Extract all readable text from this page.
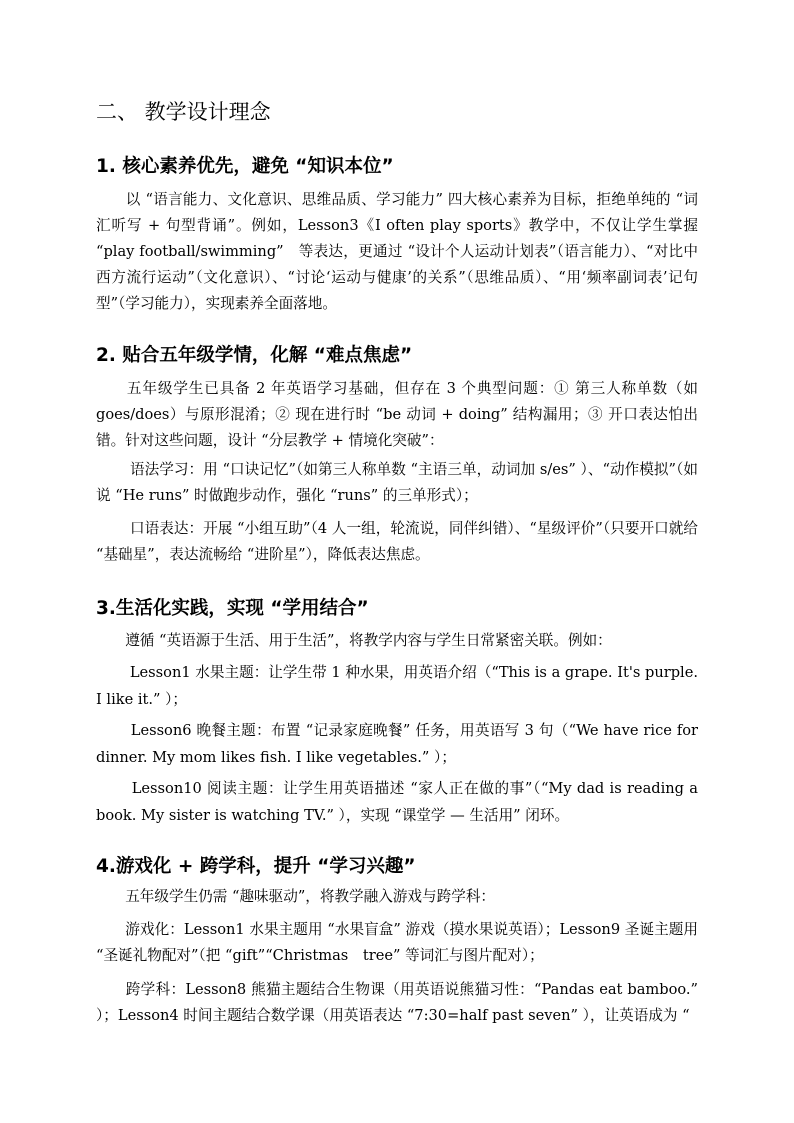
二、 教学设计理念
1. 核心素养优先，避免 “知识本位”
　　以 “语言能力、文化意识、思维品质、学习能力” 四大核心素养为目标，拒绝单纯的 “词汇听写 + 句型背诵”。例如，Lesson3《I often play sports》教学中，不仅让学生掌握 “play football/swimming”　等表达，更通过 “设计个人运动计划表”（语言能力）、“对比中西方流行运动”（文化意识）、“讨论‘运动与健康’的关系”（思维品质）、“用‘频率副词表’记句型”（学习能力），实现素养全面落地。
2. 贴合五年级学情，化解 “难点焦虑”
　　五年级学生已具备 2 年英语学习基础，但存在 3 个典型问题：① 第三人称单数（如 goes/does）与原形混淆；② 现在进行时 “be 动词 + doing” 结构漏用；③ 开口表达怕出错。针对这些问题，设计 “分层教学 + 情境化突破”：
　　 语法学习：用 “口诀记忆”（如第三人称单数 “主语三单，动词加 s/es” ）、“动作模拟”（如说 “He runs” 时做跑步动作，强化 “runs” 的三单形式）；
　　 口语表达：开展 “小组互助”（4 人一组，轮流说，同伴纠错）、“星级评价”（只要开口就给 “基础星”，表达流畅给 “进阶星”），降低表达焦虑。
3.生活化实践，实现 “学用结合”
　　遵循 “英语源于生活、用于生活”，将教学内容与学生日常紧密关联。例如：
　　 Lesson1 水果主题：让学生带 1 种水果，用英语介绍（“This is a grape. It's purple. I like it.” ）；
　　 Lesson6 晚餐主题：布置 “记录家庭晚餐” 任务，用英语写 3 句（“We have rice for dinner. My mom likes fish. I like vegetables.” ）；
　　 Lesson10 阅读主题：让学生用英语描述 “家人正在做的事”（“My dad is reading a book. My sister is watching TV.” ），实现 “课堂学 — 生活用” 闭环。
4.游戏化 + 跨学科，提升 “学习兴趣”
　　五年级学生仍需 “趣味驱动”，将教学融入游戏与跨学科：
　　游戏化：Lesson1 水果主题用 “水果盲盒” 游戏（摸水果说英语）；Lesson9 圣诞主题用 “圣诞礼物配对”（把 “gift”“Christmas　tree” 等词汇与图片配对）；
　　跨学科：Lesson8 熊猫主题结合生物课（用英语说熊猫习性：“Pandas eat bamboo.” ）；Lesson4 时间主题结合数学课（用英语表达 “7:30=half past seven” ），让英语成为 “
